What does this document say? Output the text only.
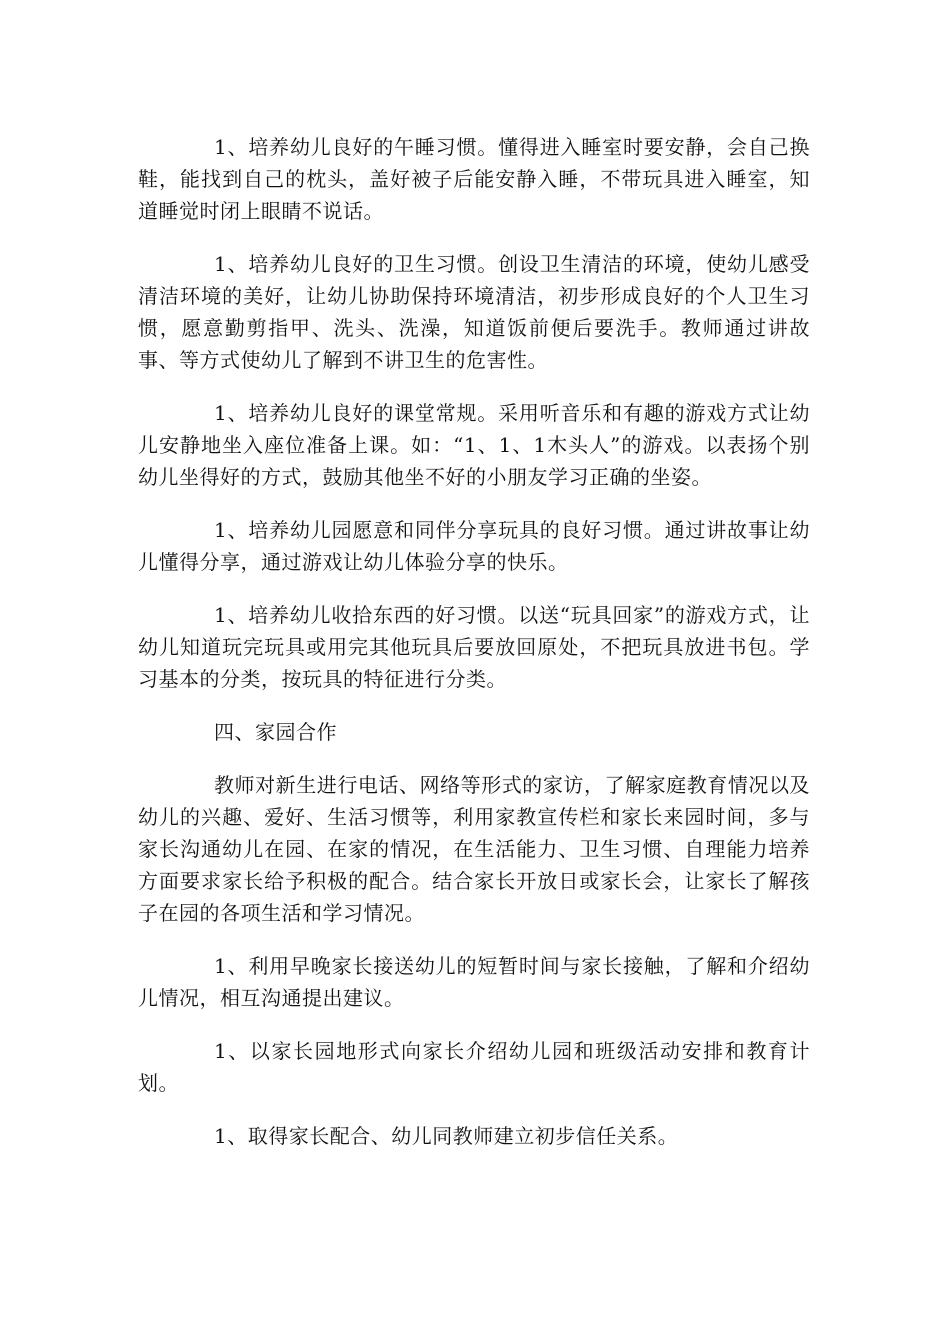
1、培养幼儿良好的午睡习惯。懂得进入睡室时要安静，会自己换鞋，能找到自己的枕头，盖好被子后能安静入睡，不带玩具进入睡室，知道睡觉时闭上眼睛不说话。

1、培养幼儿良好的卫生习惯。创设卫生清洁的环境，使幼儿感受清洁环境的美好，让幼儿协助保持环境清洁，初步形成良好的个人卫生习惯，愿意勤剪指甲、洗头、洗澡，知道饭前便后要洗手。教师通过讲故事、等方式使幼儿了解到不讲卫生的危害性。

1、培养幼儿良好的课堂常规。采用听音乐和有趣的游戏方式让幼儿安静地坐入座位准备上课。如：“1、1、1木头人”的游戏。以表扬个别幼儿坐得好的方式，鼓励其他坐不好的小朋友学习正确的坐姿。

1、培养幼儿园愿意和同伴分享玩具的良好习惯。通过讲故事让幼儿懂得分享，通过游戏让幼儿体验分享的快乐。

1、培养幼儿收拾东西的好习惯。以送“玩具回家”的游戏方式，让幼儿知道玩完玩具或用完其他玩具后要放回原处，不把玩具放进书包。学习基本的分类，按玩具的特征进行分类。

四、家园合作

教师对新生进行电话、网络等形式的家访，了解家庭教育情况以及幼儿的兴趣、爱好、生活习惯等，利用家教宣传栏和家长来园时间，多与家长沟通幼儿在园、在家的情况，在生活能力、卫生习惯、自理能力培养方面要求家长给予积极的配合。结合家长开放日或家长会，让家长了解孩子在园的各项生活和学习情况。

1、利用早晚家长接送幼儿的短暂时间与家长接触，了解和介绍幼儿情况，相互沟通提出建议。

1、以家长园地形式向家长介绍幼儿园和班级活动安排和教育计划。

1、取得家长配合、幼儿同教师建立初步信任关系。
